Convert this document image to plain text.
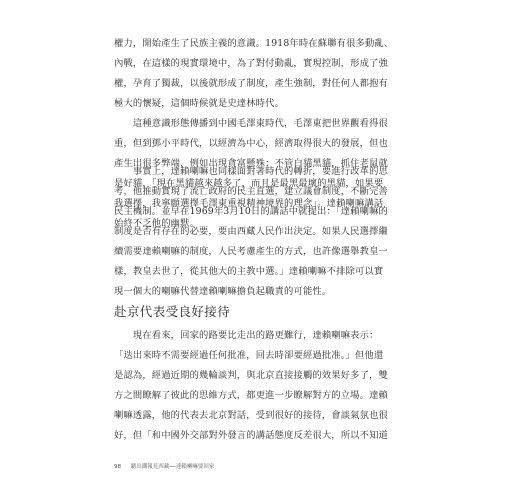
權力，開始產生了民族主義的意識。1918年時在蘇聯有很多動亂、
內戰，在這樣的現實環境中，為了對付動亂，實現控制，形成了強
權，孕育了獨裁，以後就形成了制度，產生強制，對任何人都抱有
極大的懷疑，這個時候就是史達林時代。
　　這種意識形態傳播到中國毛澤東時代，毛澤東把世界觀看得很
重，但到鄧小平時代，以經濟為中心，經濟取得很大的發展，但也
產生出很多弊端，例如出現貪富懸殊；不管白貓黑貓，抓住老鼠就
是好貓，「現在黑貓越來越多了，而且是最黑最壞的黑貓，如果要
我選擇，我寧願選擇毛澤東重視精神境界的理念」。達賴喇嘛講話
始終不乏他的幽默。
　　事實上，達賴喇嘛也同樣面對著時代的轉折，要進行改革的思
考，他推動實現了流亡政府的民主直選，建立議會制度，不斷完善
民主機制。並早在1969年3月10日的講話中就提出：「達賴喇嘛的
制度是否有存在的必要，要由西藏人民作出決定。如果人民選擇繼
續需要達賴喇嘛的制度，人民考慮產生的方式，也許像選舉教皇一
樣，教皇去世了，從其他大的主教中選。」達賴喇嘛不排除可以實
現一個大的喇嘛代替達賴喇嘛擔負起職責的可能性。
赴京代表受良好接待
　　現在看來，回家的路要比走出的路更難行，達賴喇嘛表示：
「迭出來時不需要經過任何批准，回去時卻要經過批准。」但他還
是認為，經過近期的幾輪談判，與北京直接接觸的效果好多了，雙
方之間瞭解了彼此的思維方式，都更進一步瞭解對方的立場。達賴
喇嘛透露，他的代表去北京對話，受到很好的接待，會談氣氛也很
好，但「和中國外交部對外發言的講話態度反差很大，所以不知道
98 聽出鐵報見西藏──達賴喇嘛要回家
